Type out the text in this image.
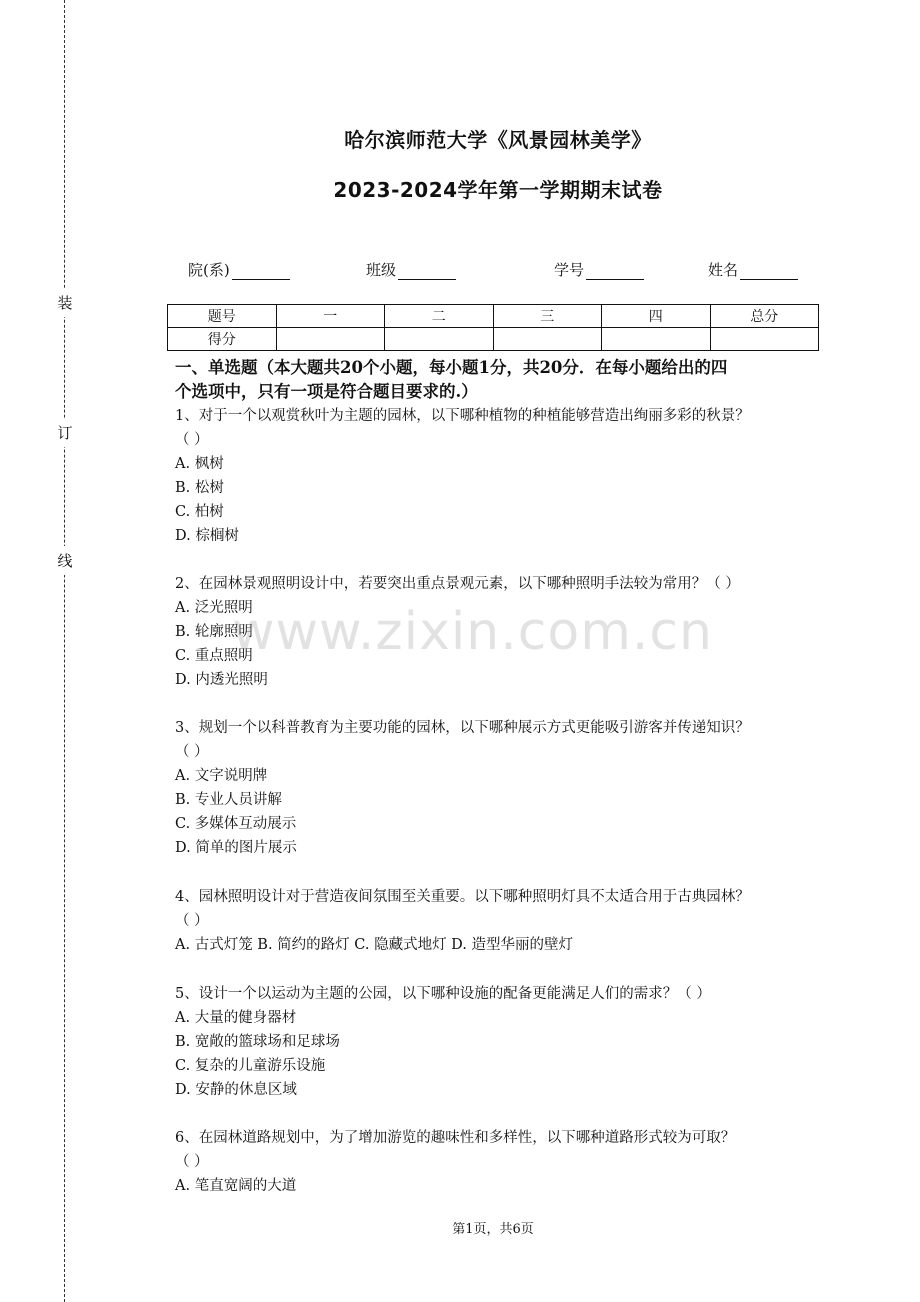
装
订
线
哈尔滨师范大学《风景园林美学》
2023-2024学年第一学期期末试卷
院(系)	班级	学号	姓名
题号	一	二	三	四	总分
得分					
一、单选题（本大题共20个小题，每小题1分，共20分．在每小题给出的四
个选项中，只有一项是符合题目要求的.）
1、对于一个以观赏秋叶为主题的园林，以下哪种植物的种植能够营造出绚丽多彩的秋景？
（ ）
A. 枫树
B. 松树
C. 柏树
D. 棕榈树
2、在园林景观照明设计中，若要突出重点景观元素，以下哪种照明手法较为常用？（ ）
A. 泛光照明
B. 轮廓照明
C. 重点照明
D. 内透光照明
3、规划一个以科普教育为主要功能的园林，以下哪种展示方式更能吸引游客并传递知识？
（ ）
A. 文字说明牌
B. 专业人员讲解
C. 多媒体互动展示
D. 简单的图片展示
4、园林照明设计对于营造夜间氛围至关重要。以下哪种照明灯具不太适合用于古典园林？
（ ）
A. 古式灯笼 B. 简约的路灯 C. 隐藏式地灯 D. 造型华丽的壁灯
5、设计一个以运动为主题的公园，以下哪种设施的配备更能满足人们的需求？（ ）
A. 大量的健身器材
B. 宽敞的篮球场和足球场
C. 复杂的儿童游乐设施
D. 安静的休息区域
6、在园林道路规划中，为了增加游览的趣味性和多样性，以下哪种道路形式较为可取？
（ ）
A. 笔直宽阔的大道
www.zixin.com.cn
第1页，共6页
